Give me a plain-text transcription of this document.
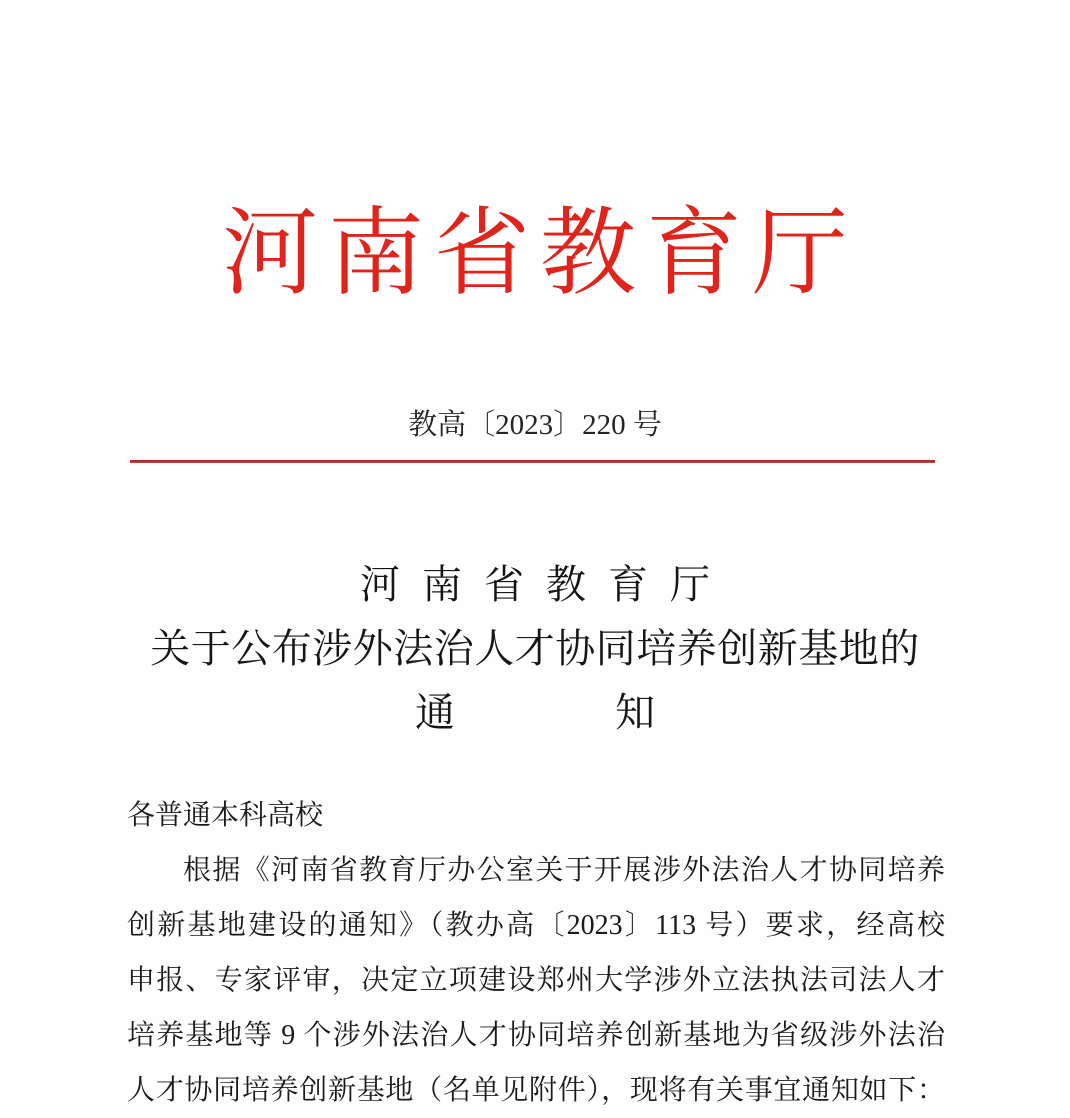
河南省教育厅
教高〔2023〕220 号
河南省教育厅
关于公布涉外法治人才协同培养创新基地的
通　　　　知
各普通本科高校
根据《河南省教育厅办公室关于开展涉外法治人才协同培养
创新基地建设的通知》（教办高〔2023〕113 号）要求，经高校
申报、专家评审，决定立项建设郑州大学涉外立法执法司法人才
培养基地等 9 个涉外法治人才协同培养创新基地为省级涉外法治
人才协同培养创新基地（名单见附件），现将有关事宜通知如下：
